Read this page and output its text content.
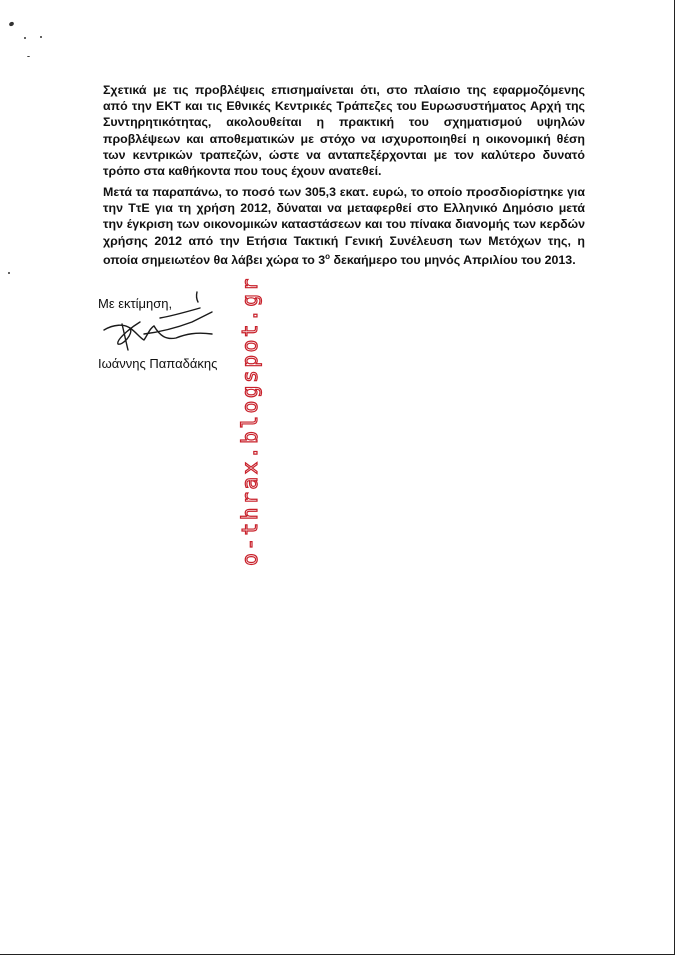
Σχετικά με τις προβλέψεις επισημαίνεται ότι, στο πλαίσιο της εφαρμοζόμενης από την ΕΚΤ και τις Εθνικές Κεντρικές Τράπεζες του Ευρωσυστήματος Αρχή της Συντηρητικότητας, ακολουθείται η πρακτική του σχηματισμού υψηλών προβλέψεων και αποθεματικών με στόχο να ισχυροποιηθεί η οικονομική θέση των κεντρικών τραπεζών, ώστε να ανταπεξέρχονται με τον καλύτερο δυνατό τρόπο στα καθήκοντα που τους έχουν ανατεθεί.

Μετά τα παραπάνω, το ποσό των 305,3 εκατ. ευρώ, το οποίο προσδιορίστηκε για την ΤτΕ για τη χρήση 2012, δύναται να μεταφερθεί στο Ελληνικό Δημόσιο μετά την έγκριση των οικονομικών καταστάσεων και του πίνακα διανομής των κερδών χρήσης 2012 από την Ετήσια Τακτική Γενική Συνέλευση των Μετόχων της, η οποία σημειωτέον θα λάβει χώρα το $3^o$ δεκαήμερο του μηνός Απριλίου του 2013.

Με εκτίμηση,

Ιωάννης Παπαδάκης o-thrax.blogspot.gr
